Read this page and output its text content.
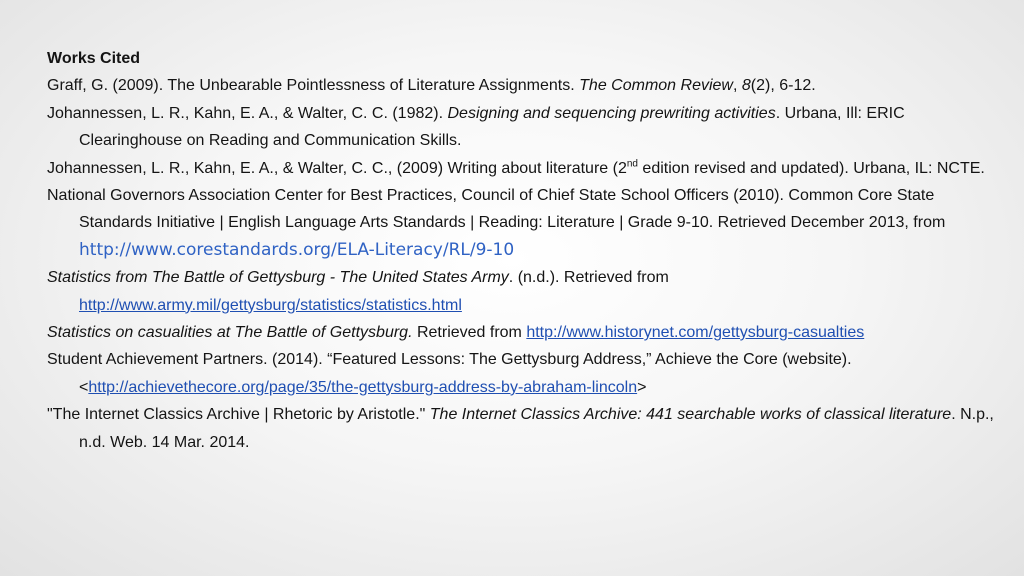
Works Cited

Graff, G. (2009). The Unbearable Pointlessness of Literature Assignments. The Common Review, 8(2), 6-12.

Johannessen, L. R., Kahn, E. A., & Walter, C. C. (1982). Designing and sequencing prewriting activities. Urbana, Ill: ERIC Clearinghouse on Reading and Communication Skills.

Johannessen, L. R., Kahn, E. A., & Walter, C. C., (2009) Writing about literature (2nd edition revised and updated). Urbana, IL: NCTE.

National Governors Association Center for Best Practices, Council of Chief State School Officers (2010). Common Core State Standards Initiative | English Language Arts Standards | Reading: Literature | Grade 9-10. Retrieved December 2013, from http://www.corestandards.org/ELA-Literacy/RL/9-10

Statistics from The Battle of Gettysburg - The United States Army. (n.d.). Retrieved from http://www.army.mil/gettysburg/statistics/statistics.html

Statistics on casualities at The Battle of Gettysburg. Retrieved from http://www.historynet.com/gettysburg-casualties

Student Achievement Partners. (2014). “Featured Lessons: The Gettysburg Address,” Achieve the Core (website). <http://achievethecore.org/page/35/the-gettysburg-address-by-abraham-lincoln>

"The Internet Classics Archive | Rhetoric by Aristotle." The Internet Classics Archive: 441 searchable works of classical literature. N.p., n.d. Web. 14 Mar. 2014.
